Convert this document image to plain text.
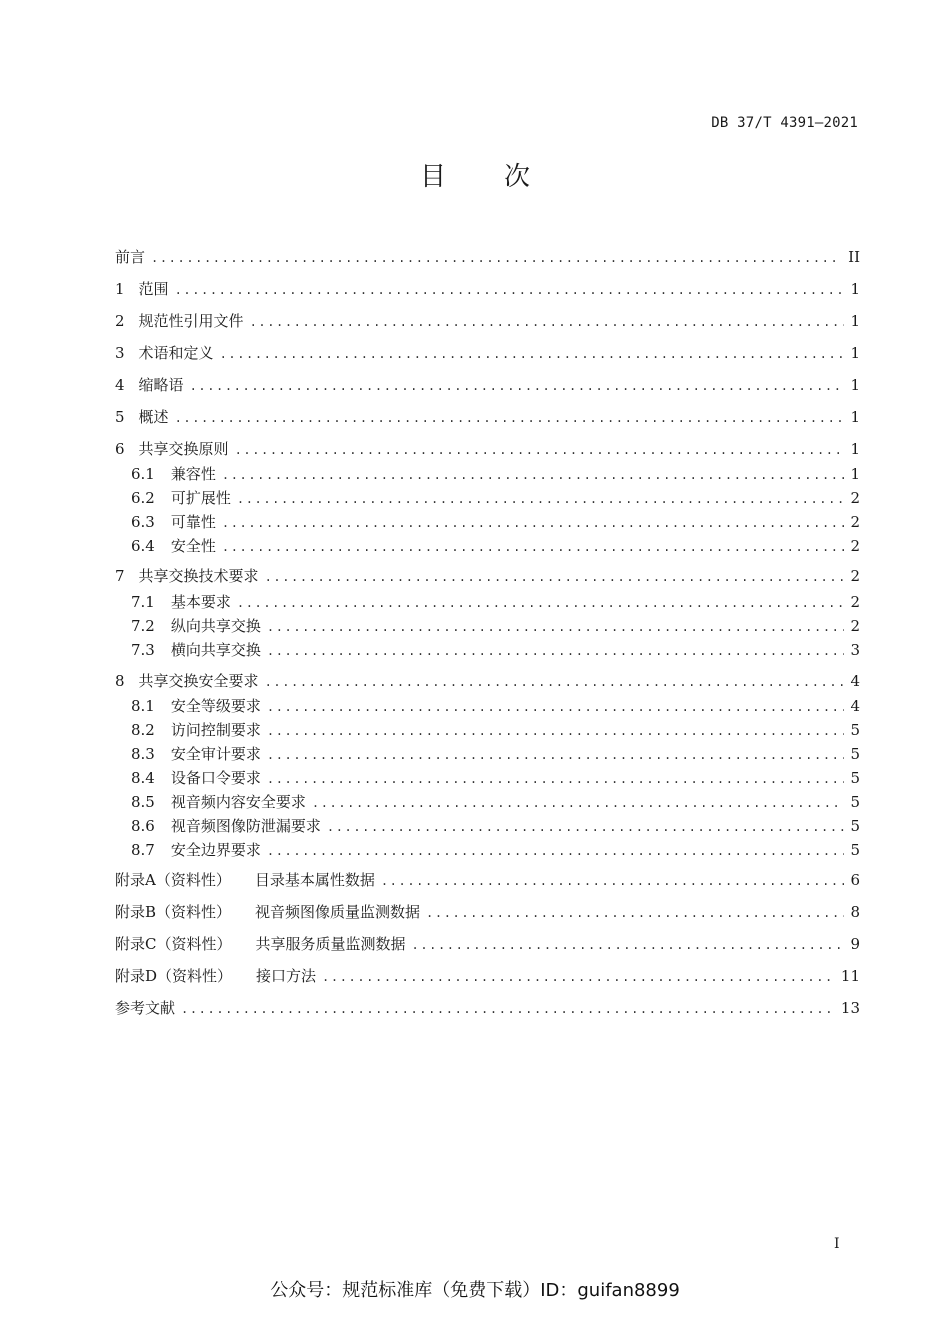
DB 37/T 4391—2021
目次
前言 .....	II
1 范围 .....	1
2 规范性引用文件 .....	1
3 术语和定义 .....	1
4 缩略语 .....	1
5 概述 .....	1
6 共享交换原则 .....	1
6.1 兼容性 .....	1
6.2 可扩展性 .....	2
6.3 可靠性 .....	2
6.4 安全性 .....	2
7 共享交换技术要求 .....	2
7.1 基本要求 .....	2
7.2 纵向共享交换 .....	2
7.3 横向共享交换 .....	3
8 共享交换安全要求 .....	4
8.1 安全等级要求 .....	4
8.2 访问控制要求 .....	5
8.3 安全审计要求 .....	5
8.4 设备口令要求 .....	5
8.5 视音频内容安全要求 .....	5
8.6 视音频图像防泄漏要求 .....	5
8.7 安全边界要求 .....	5
附录A（资料性） 目录基本属性数据 .....	6
附录B（资料性） 视音频图像质量监测数据 .....	8
附录C（资料性） 共享服务质量监测数据 .....	9
附录D（资料性） 接口方法 .....	11
参考文献 .....	13
I
公众号：规范标准库（免费下载）ID：guifan8899
